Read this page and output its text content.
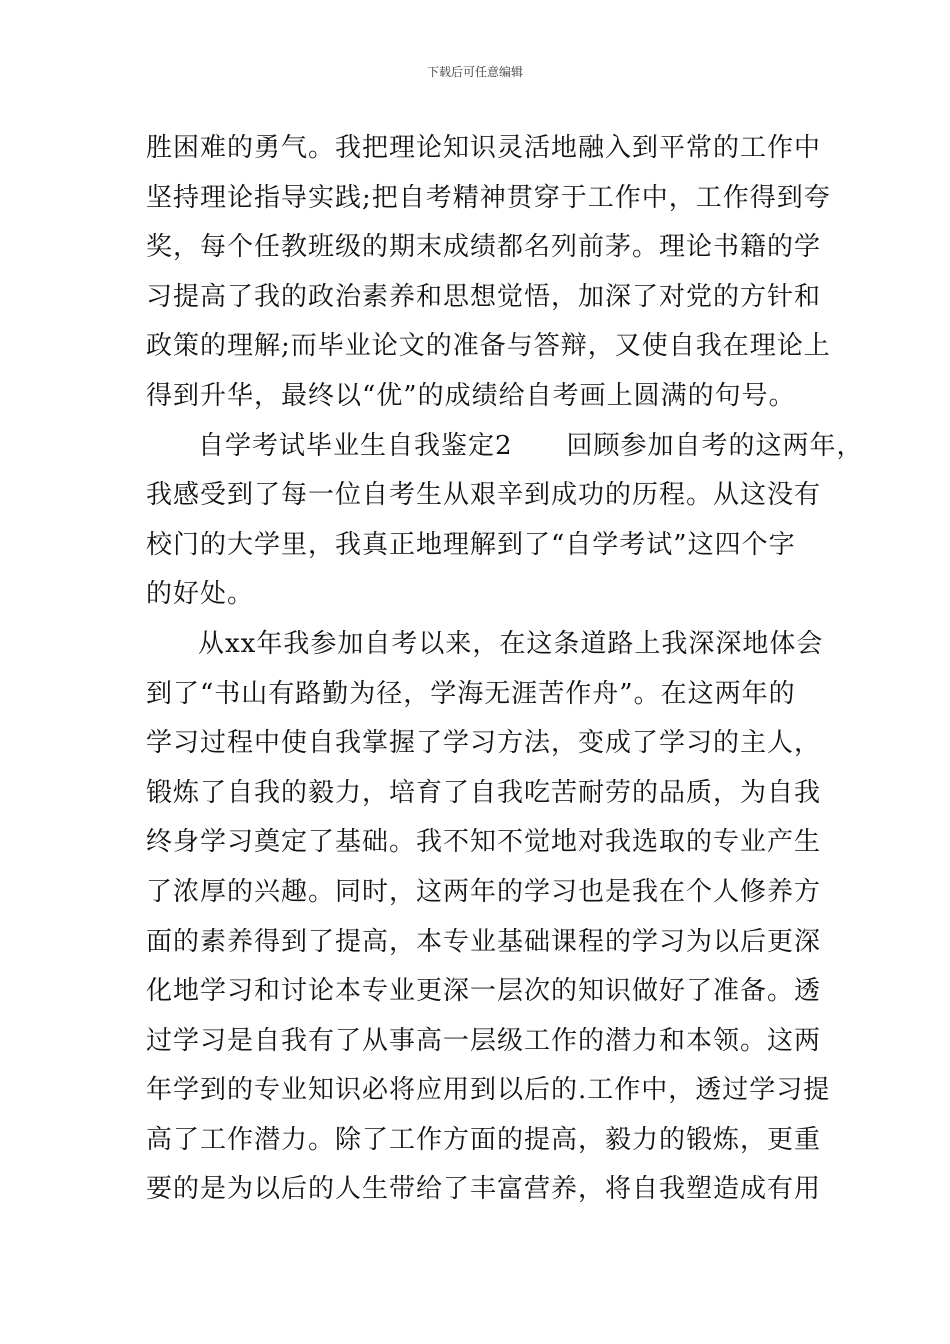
下载后可任意编辑
胜困难的勇气。我把理论知识灵活地融入到平常的工作中
坚持理论指导实践;把自考精神贯穿于工作中，工作得到夸
奖，每个任教班级的期末成绩都名列前茅。理论书籍的学
习提高了我的政治素养和思想觉悟，加深了对党的方针和
政策的理解;而毕业论文的准备与答辩，又使自我在理论上
得到升华，最终以“优”的成绩给自考画上圆满的句号。
自学考试毕业生自我鉴定2　　回顾参加自考的这两年，
我感受到了每一位自考生从艰辛到成功的历程。从这没有
校门的大学里，我真正地理解到了“自学考试”这四个字
的好处。
从xx年我参加自考以来，在这条道路上我深深地体会
到了“书山有路勤为径，学海无涯苦作舟”。在这两年的
学习过程中使自我掌握了学习方法，变成了学习的主人，
锻炼了自我的毅力，培育了自我吃苦耐劳的品质，为自我
终身学习奠定了基础。我不知不觉地对我选取的专业产生
了浓厚的兴趣。同时，这两年的学习也是我在个人修养方
面的素养得到了提高，本专业基础课程的学习为以后更深
化地学习和讨论本专业更深一层次的知识做好了准备。透
过学习是自我有了从事高一层级工作的潜力和本领。这两
年学到的专业知识必将应用到以后的.工作中，透过学习提
高了工作潜力。除了工作方面的提高，毅力的锻炼，更重
要的是为以后的人生带给了丰富营养，将自我塑造成有用
